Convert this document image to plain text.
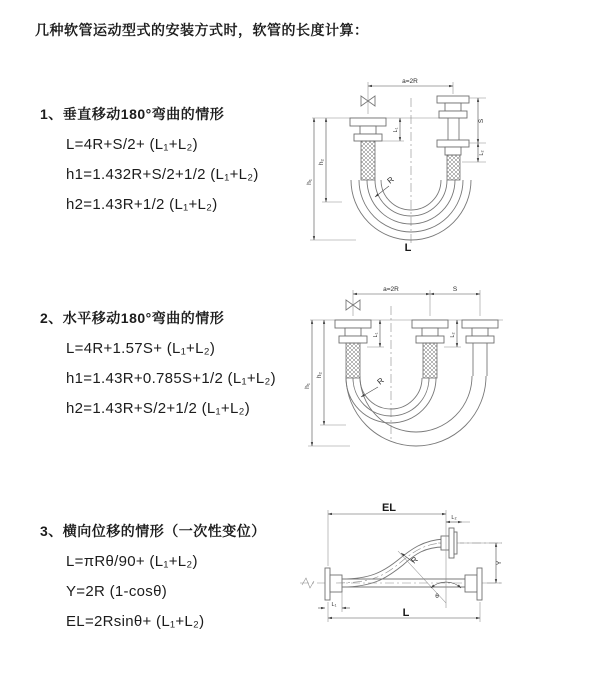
几种软管运动型式的安装方式时，软管的长度计算：

1、垂直移动180°弯曲的情形

L=4R+S/2+ (L₁+L₂)

h1=1.432R+S/2+1/2 (L₁+L₂)

h2=1.43R+1/2 (L₁+L₂)

2、水平移动180°弯曲的情形

L=4R+1.57S+ (L₁+L₂)

h1=1.43R+0.785S+1/2 (L₁+L₂)

h2=1.43R+S/2+1/2 (L₁+L₂)

3、横向位移的情形（一次性变位）

L=πRθ/90+ (L₁+L₂)

Y=2R (1-cosθ)

EL=2Rsinθ+ (L₁+L₂)

a=2R
L
h₁
h₂
L₁
S
L₂
R
a=2R	S
h₁
h₂
L₁	L₂
R
EL
L₂
Y
R
θ
L₁
L
